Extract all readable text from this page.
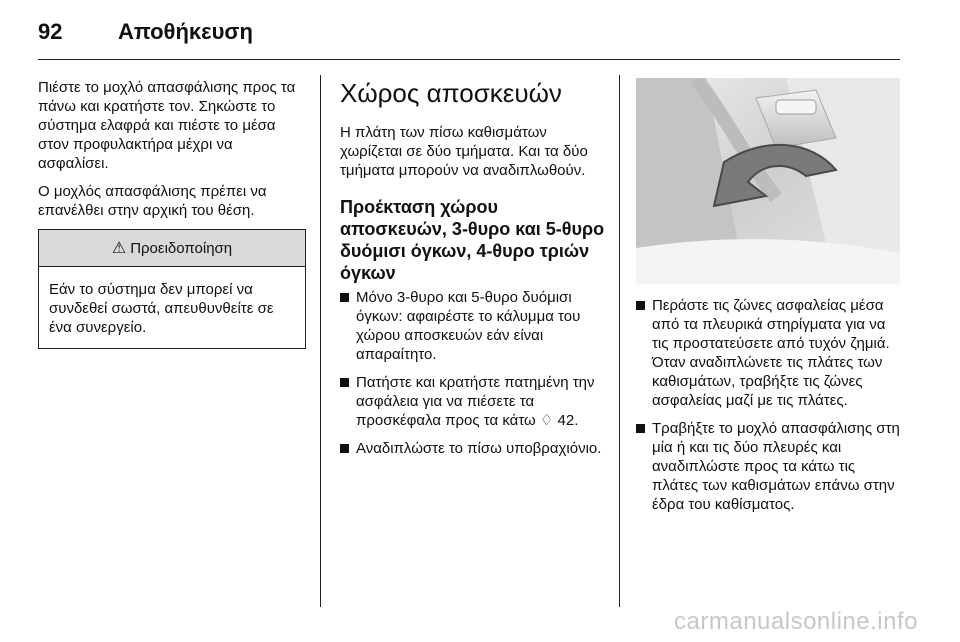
92	Αποθήκευση

Πιέστε το μοχλό απασφάλισης προς τα πάνω και κρατήστε τον. Σηκώστε το σύστημα ελαφρά και πιέστε το μέσα στον προφυλακτήρα μέχρι να ασφαλίσει.

Ο μοχλός απασφάλισης πρέπει να επανέλθει στην αρχική του θέση.

⚠ Προειδοποίηση
Εάν το σύστημα δεν μπορεί να συνδεθεί σωστά, απευθυνθείτε σε ένα συνεργείο.
Χώρος αποσκευών

Η πλάτη των πίσω καθισμάτων χωρίζεται σε δύο τμήματα. Και τα δύο τμήματα μπορούν να αναδιπλωθούν.

Προέκταση χώρου αποσκευών, 3-θυρο και 5-θυρο δυόμισι όγκων, 4-θυρο τριών όγκων
Μόνο 3-θυρο και 5-θυρο δυόμισι όγκων: αφαιρέστε το κάλυμμα του χώρου αποσκευών εάν είναι απαραίτητο.
Πατήστε και κρατήστε πατημένη την ασφάλεια για να πιέσετε τα προσκέφαλα προς τα κάτω ♢ 42.
Αναδιπλώστε το πίσω υποβραχιόνιο.
Περάστε τις ζώνες ασφαλείας μέσα από τα πλευρικά στηρίγματα για να τις προστατεύσετε από τυχόν ζημιά. Όταν αναδιπλώνετε τις πλάτες των καθισμάτων, τραβήξτε τις ζώνες ασφαλείας μαζί με τις πλάτες.
Τραβήξτε το μοχλό απασφάλισης στη μία ή και τις δύο πλευρές και αναδιπλώστε προς τα κάτω τις πλάτες των καθισμάτων επάνω στην έδρα του καθίσματος.
carmanualsonline.info
